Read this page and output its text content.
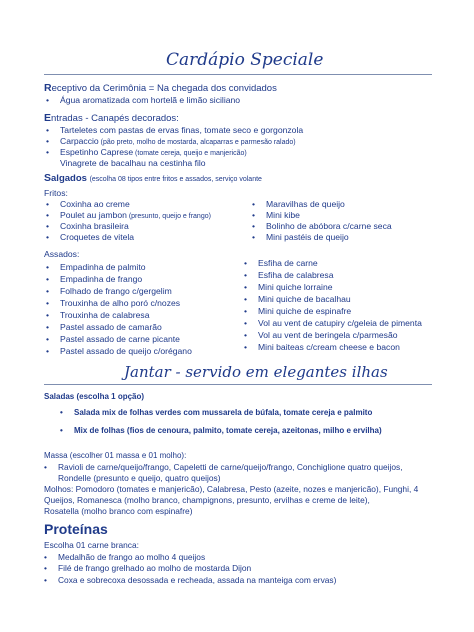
Cardápio Speciale
Receptivo da Cerimônia = Na chegada dos convidados
• Água aromatizada com hortelã e limão siciliano
Entradas - Canapés decorados:
• Tarteletes com pastas de ervas finas, tomate seco e gorgonzola
• Carpaccio (pão preto, molho de mostarda, alcaparras e parmesão ralado)
• Espetinho Caprese (tomate cereja, queijo e manjericão)
Vinagrete de bacalhau na cestinha filo
Salgados (escolha 08 tipos entre fritos e assados, serviço volante
Fritos:
• Coxinha ao creme
• Poulet au jambon (presunto, queijo e frango)
• Coxinha brasileira
• Croquetes de vitela
• Maravilhas de queijo
• Mini kibe
• Bolinho de abóbora c/carne seca
• Mini pastéis de queijo
Assados:
• Empadinha de palmito
• Empadinha de frango
• Folhado de frango c/gergelim
• Trouxinha de alho poró c/nozes
• Trouxinha de calabresa
• Pastel assado de camarão
• Pastel assado de carne picante
• Pastel assado de queijo c/orégano
• Esfiha de carne
• Esfiha de calabresa
• Mini quiche lorraine
• Mini quiche de bacalhau
• Mini quiche de espinafre
• Vol au vent de catupiry c/geleia de pimenta
• Vol au vent de beringela c/parmesão
• Mini baiteas c/cream cheese e bacon
Jantar - servido em elegantes ilhas
Saladas (escolha 1 opção)
• Salada mix de folhas verdes com mussarela de búfala, tomate cereja e palmito
• Mix de folhas (fios de cenoura, palmito, tomate cereja, azeitonas, milho e ervilha)
Massa (escolher 01 massa e 01 molho):
• Ravioli de carne/queijo/frango, Capeletti de carne/queijo/frango, Conchiglione quatro queijos,
Rondelle (presunto e queijo, quatro queijos)
Molhos: Pomodoro (tomates e manjericão), Calabresa, Pesto (azeite, nozes e manjericão), Funghi, 4
Queijos, Romanesca (molho branco, champignons, presunto, ervilhas e creme de leite),
Rosatella (molho branco com espinafre)
Proteínas
Escolha 01 carne branca:
• Medalhão de frango ao molho 4 queijos
• Filé de frango grelhado ao molho de mostarda Dijon
• Coxa e sobrecoxa desossada e recheada, assada na manteiga com ervas)
